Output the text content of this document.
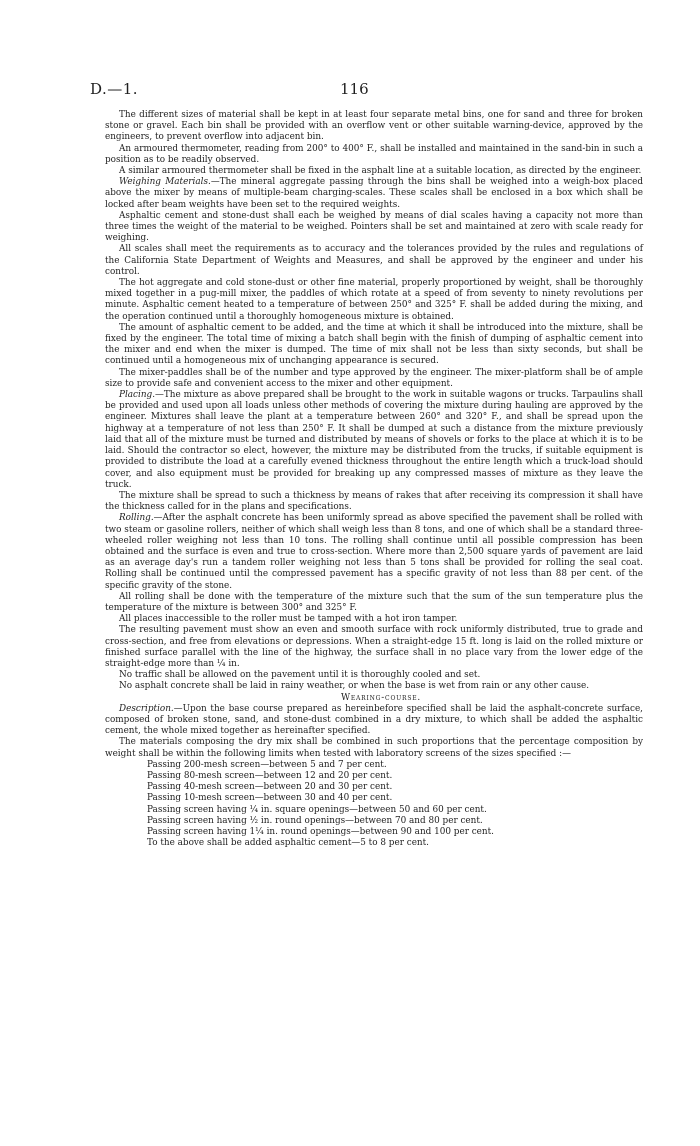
D.—1.	116

The different sizes of material shall be kept in at least four separate metal bins, one for sand and three for broken stone or gravel. Each bin shall be provided with an overflow vent or other suitable warning-device, approved by the engineers, to prevent overflow into adjacent bin.

An armoured thermometer, reading from 200° to 400° F., shall be installed and maintained in the sand-bin in such a position as to be readily observed.

A similar armoured thermometer shall be fixed in the asphalt line at a suitable location, as directed by the engineer.

Weighing Materials.—The mineral aggregate passing through the bins shall be weighed into a weigh-box placed above the mixer by means of multiple-beam charging-scales. These scales shall be enclosed in a box which shall be locked after beam weights have been set to the required weights.

Asphaltic cement and stone-dust shall each be weighed by means of dial scales having a capacity not more than three times the weight of the material to be weighed. Pointers shall be set and maintained at zero with scale ready for weighing.

All scales shall meet the requirements as to accuracy and the tolerances provided by the rules and regulations of the California State Department of Weights and Measures, and shall be approved by the engineer and under his control.

The hot aggregate and cold stone-dust or other fine material, properly proportioned by weight, shall be thoroughly mixed together in a pug-mill mixer, the paddles of which rotate at a speed of from seventy to ninety revolutions per minute. Asphaltic cement heated to a temperature of between 250° and 325° F. shall be added during the mixing, and the operation continued until a thoroughly homogeneous mixture is obtained.

The amount of asphaltic cement to be added, and the time at which it shall be introduced into the mixture, shall be fixed by the engineer. The total time of mixing a batch shall begin with the finish of dumping of asphaltic cement into the mixer and end when the mixer is dumped. The time of mix shall not be less than sixty seconds, but shall be continued until a homogeneous mix of unchanging appearance is secured.

The mixer-paddles shall be of the number and type approved by the engineer. The mixer-platform shall be of ample size to provide safe and convenient access to the mixer and other equipment.

Placing.—The mixture as above prepared shall be brought to the work in suitable wagons or trucks. Tarpaulins shall be provided and used upon all loads unless other methods of covering the mixture during hauling are approved by the engineer. Mixtures shall leave the plant at a temperature between 260° and 320° F., and shall be spread upon the highway at a temperature of not less than 250° F. It shall be dumped at such a distance from the mixture previously laid that all of the mixture must be turned and distributed by means of shovels or forks to the place at which it is to be laid. Should the contractor so elect, however, the mixture may be distributed from the trucks, if suitable equipment is provided to distribute the load at a carefully evened thickness throughout the entire length which a truck-load should cover, and also equipment must be provided for breaking up any compressed masses of mixture as they leave the truck.

The mixture shall be spread to such a thickness by means of rakes that after receiving its compression it shall have the thickness called for in the plans and specifications.

Rolling.—After the asphalt concrete has been uniformly spread as above specified the pavement shall be rolled with two steam or gasoline rollers, neither of which shall weigh less than 8 tons, and one of which shall be a standard three-wheeled roller weighing not less than 10 tons. The rolling shall continue until all possible compression has been obtained and the surface is even and true to cross-section. Where more than 2,500 square yards of pavement are laid as an average day's run a tandem roller weighing not less than 5 tons shall be provided for rolling the seal coat. Rolling shall be continued until the compressed pavement has a specific gravity of not less than 88 per cent. of the specific gravity of the stone.

All rolling shall be done with the temperature of the mixture such that the sum of the sun temperature plus the temperature of the mixture is between 300° and 325° F.

All places inaccessible to the roller must be tamped with a hot iron tamper.

The resulting pavement must show an even and smooth surface with rock uniformly distributed, true to grade and cross-section, and free from elevations or depressions. When a straight-edge 15 ft. long is laid on the rolled mixture or finished surface parallel with the line of the highway, the surface shall in no place vary from the lower edge of the straight-edge more than ¼ in.

No traffic shall be allowed on the pavement until it is thoroughly cooled and set.

No asphalt concrete shall be laid in rainy weather, or when the base is wet from rain or any other cause.

Wearing-course.

Description.—Upon the base course prepared as hereinbefore specified shall be laid the asphalt-concrete surface, composed of broken stone, sand, and stone-dust combined in a dry mixture, to which shall be added the asphaltic cement, the whole mixed together as hereinafter specified.

The materials composing the dry mix shall be combined in such proportions that the percentage composition by weight shall be within the following limits when tested with laboratory screens of the sizes specified :—

Passing 200-mesh screen—between 5 and 7 per cent.
Passing 80-mesh screen—between 12 and 20 per cent.
Passing 40-mesh screen—between 20 and 30 per cent.
Passing 10-mesh screen—between 30 and 40 per cent.
Passing screen having ¼ in. square openings—between 50 and 60 per cent.
Passing screen having ½ in. round openings—between 70 and 80 per cent.
Passing screen having 1¼ in. round openings—between 90 and 100 per cent.

To the above shall be added asphaltic cement—5 to 8 per cent.
